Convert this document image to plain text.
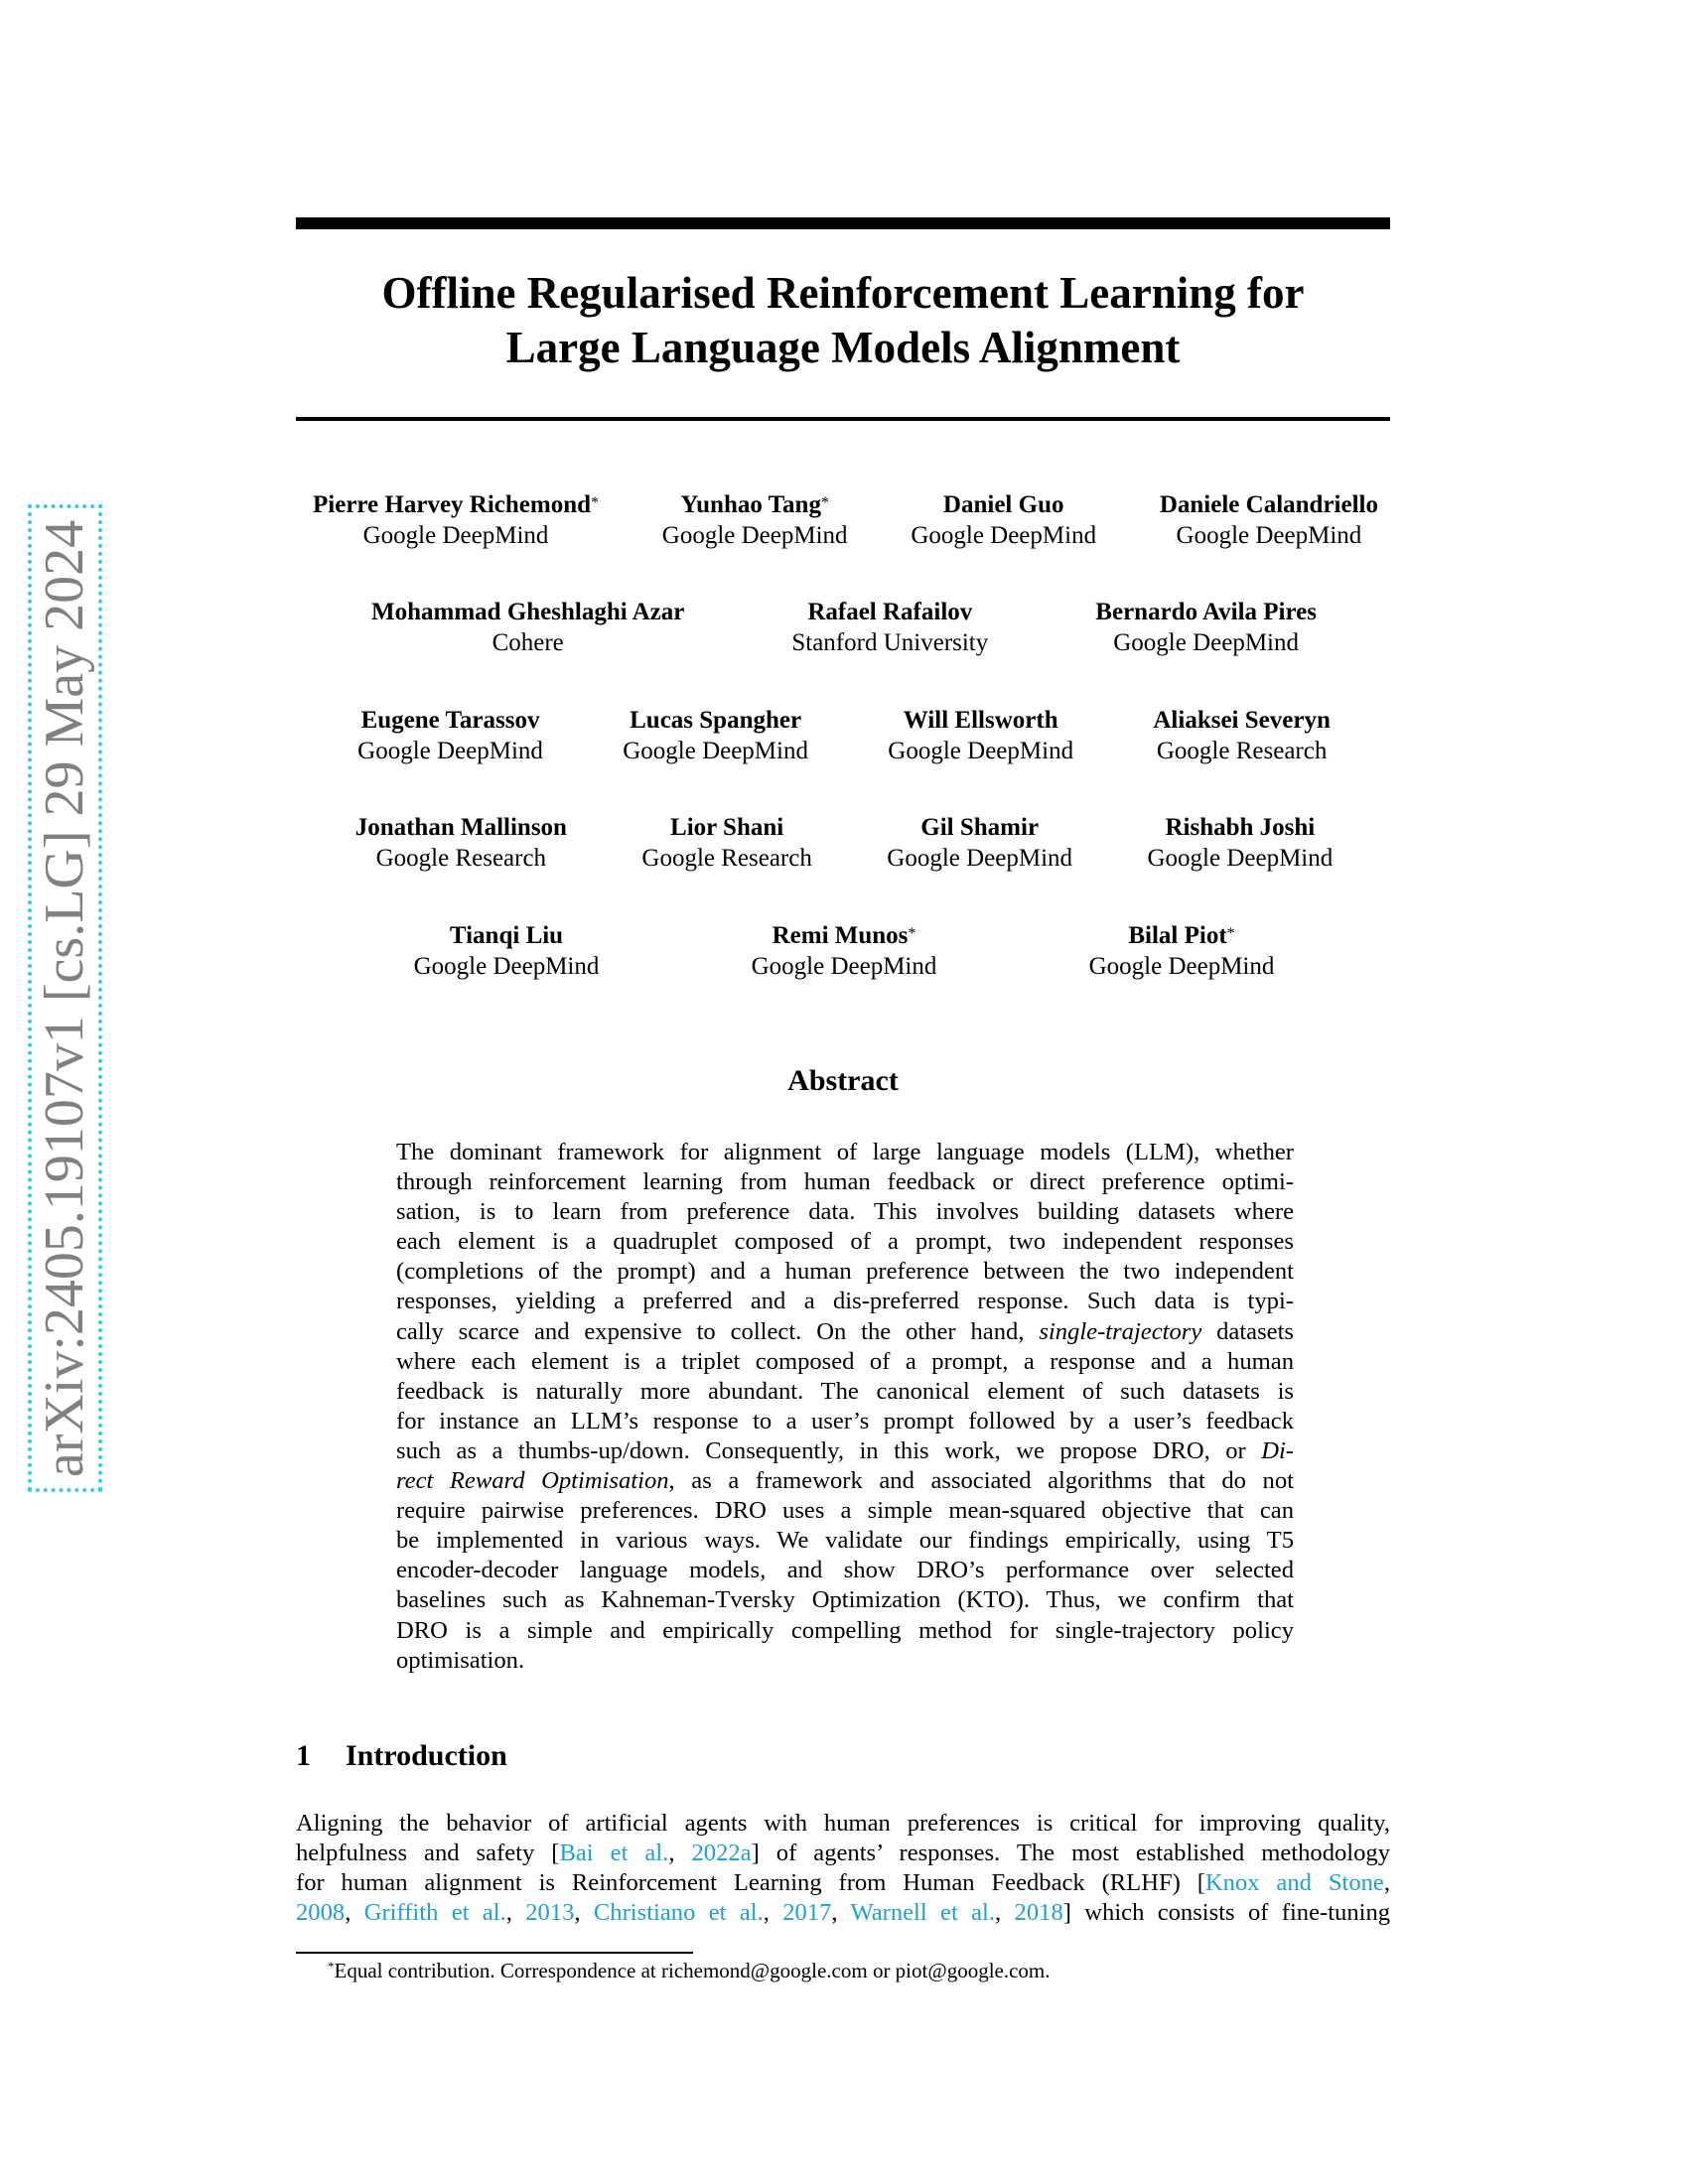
arXiv:2405.19107v1 [cs.LG] 29 May 2024
Offline Regularised Reinforcement Learning for
Large Language Models Alignment
Pierre Harvey Richemond*
Google DeepMind
Yunhao Tang*
Google DeepMind
Daniel Guo
Google DeepMind
Daniele Calandriello
Google DeepMind
Mohammad Gheshlaghi Azar
Cohere
Rafael Rafailov
Stanford University
Bernardo Avila Pires
Google DeepMind
Eugene Tarassov
Google DeepMind
Lucas Spangher
Google DeepMind
Will Ellsworth
Google DeepMind
Aliaksei Severyn
Google Research
Jonathan Mallinson
Google Research
Lior Shani
Google Research
Gil Shamir
Google DeepMind
Rishabh Joshi
Google DeepMind
Tianqi Liu
Google DeepMind
Remi Munos*
Google DeepMind
Bilal Piot*
Google DeepMind
Abstract
The dominant framework for alignment of large language models (LLM), whether
through reinforcement learning from human feedback or direct preference optimi-
sation, is to learn from preference data. This involves building datasets where
each element is a quadruplet composed of a prompt, two independent responses
(completions of the prompt) and a human preference between the two independent
responses, yielding a preferred and a dis-preferred response. Such data is typi-
cally scarce and expensive to collect. On the other hand, single-trajectory datasets
where each element is a triplet composed of a prompt, a response and a human
feedback is naturally more abundant. The canonical element of such datasets is
for instance an LLM’s response to a user’s prompt followed by a user’s feedback
such as a thumbs-up/down. Consequently, in this work, we propose DRO, or Di-
rect Reward Optimisation, as a framework and associated algorithms that do not
require pairwise preferences. DRO uses a simple mean-squared objective that can
be implemented in various ways. We validate our findings empirically, using T5
encoder-decoder language models, and show DRO’s performance over selected
baselines such as Kahneman-Tversky Optimization (KTO). Thus, we confirm that
DRO is a simple and empirically compelling method for single-trajectory policy
optimisation.
1 Introduction
Aligning the behavior of artificial agents with human preferences is critical for improving quality,
helpfulness and safety [Bai et al., 2022a] of agents’ responses. The most established methodology
for human alignment is Reinforcement Learning from Human Feedback (RLHF) [Knox and Stone,
2008, Griffith et al., 2013, Christiano et al., 2017, Warnell et al., 2018] which consists of fine-tuning
*Equal contribution. Correspondence at richemond@google.com or piot@google.com.
